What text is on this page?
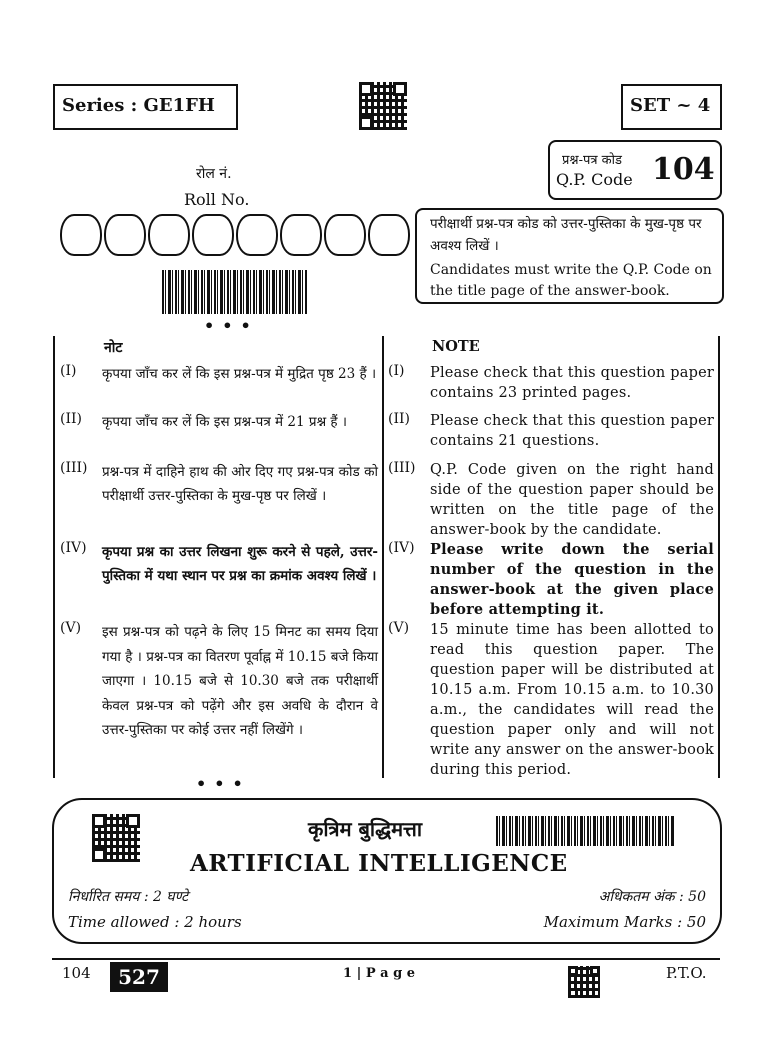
Series : GE1FH	SET ~ 4
रोल नं.
Roll No.
•••
प्रश्न-पत्र कोड
Q.P. Code 104
परीक्षार्थी प्रश्न-पत्र कोड को उत्तर-पुस्तिका के मुख-पृष्ठ पर अवश्य लिखें ।
Candidates must write the Q.P. Code on the title page of the answer-book.
नोट	NOTE
(I)	कृपया जाँच कर लें कि इस प्रश्न-पत्र में मुद्रित पृष्ठ 23 हैं ।
(II)	कृपया जाँच कर लें कि इस प्रश्न-पत्र में 21 प्रश्न हैं ।
(III)	प्रश्न-पत्र में दाहिने हाथ की ओर दिए गए प्रश्न-पत्र कोड को परीक्षार्थी उत्तर-पुस्तिका के मुख-पृष्ठ पर लिखें ।
(IV)	कृपया प्रश्न का उत्तर लिखना शुरू करने से पहले, उत्तर-पुस्तिका में यथा स्थान पर प्रश्न का क्रमांक अवश्य लिखें ।
(V)	इस प्रश्न-पत्र को पढ़ने के लिए 15 मिनट का समय दिया गया है । प्रश्न-पत्र का वितरण पूर्वाह्न में 10.15 बजे किया जाएगा । 10.15 बजे से 10.30 बजे तक परीक्षार्थी केवल प्रश्न-पत्र को पढ़ेंगे और इस अवधि के दौरान वे उत्तर-पुस्तिका पर कोई उत्तर नहीं लिखेंगे ।
(I)	Please check that this question paper contains 23 printed pages.
(II)	Please check that this question paper contains 21 questions.
(III) Q.P. Code given on the right hand side of the question paper should be written on the title page of the answer-book by the candidate.
(IV)	Please write down the serial number of the question in the answer-book at the given place before attempting it.
(V)	15 minute time has been allotted to read this question paper. The question paper will be distributed at 10.15 a.m. From 10.15 a.m. to 10.30 a.m., the candidates will read the question paper only and will not write any answer on the answer-book during this period.
•••
कृत्रिम बुद्धिमत्ता
ARTIFICIAL INTELLIGENCE
निर्धारित समय : 2 घण्टे
Time allowed : 2 hours
अधिकतम अंक : 50
Maximum Marks : 50
104	527	1 | P a g e	P.T.O.
